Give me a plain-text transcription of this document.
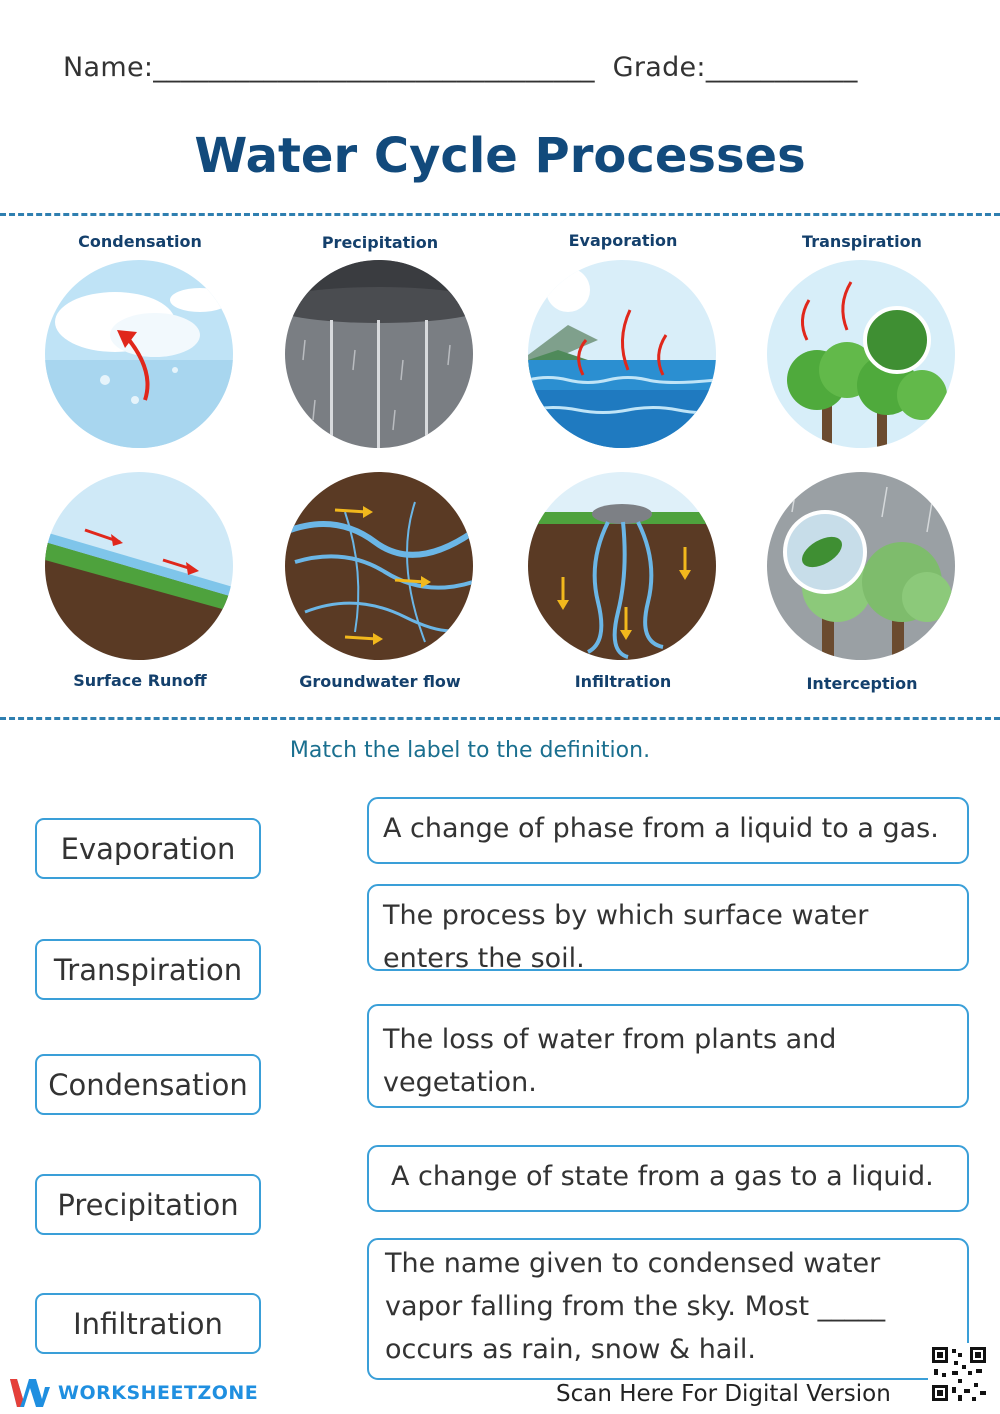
Name:________________________________  Grade:___________
Water Cycle Processes
Condensation	Precipitation	Evaporation	Transpiration
Surface Runoff	Groundwater flow	Infiltration	Interception
Match the label to the definition.
Evaporation
Transpiration
Condensation
Precipitation
Infiltration
A change of phase from a liquid to a gas.
The process by which surface water enters the soil.
The loss of water from plants and vegetation.
A change of state from a gas to a liquid.
The name given to condensed water vapor falling from the sky. Most _____ occurs as rain, snow & hail.
WORKSHEETZONE	Scan Here For Digital Version
